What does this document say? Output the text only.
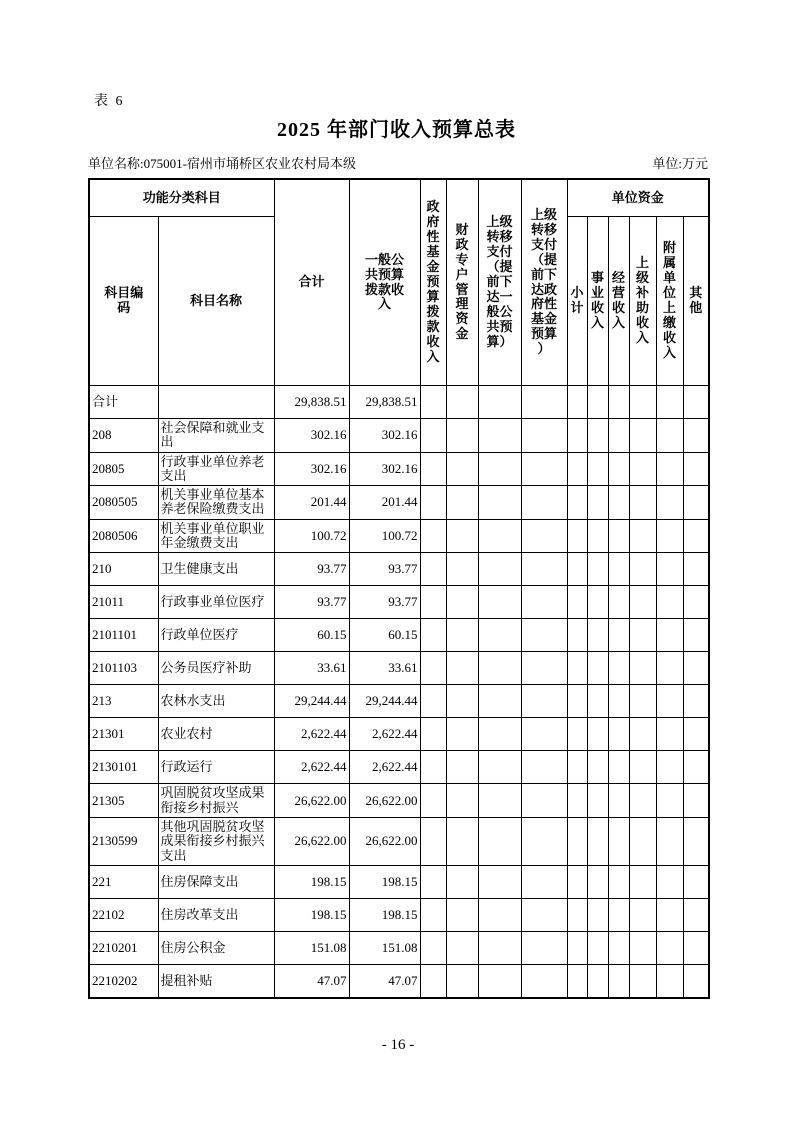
表 6
2025 年部门收入预算总表
单位名称:075001-宿州市埇桥区农业农村局本级	单位:万元
功能分类科目		合计	一般公共预算拨款收入	政府性基金预算拨款收入	财政专户管理资金	上级转移支付（提前下达一般公共预算）	上级转移支付（提前下达政府性基金预算）	单位资金					
科目编码	科目名称							小计	事业收入	经营收入	上级补助收入	附属单位上缴收入	其他
合计		29,838.51	29,838.51										
208	社会保障和就业支出	302.16	302.16										
20805	行政事业单位养老支出	302.16	302.16										
2080505	机关事业单位基本养老保险缴费支出	201.44	201.44										
2080506	机关事业单位职业年金缴费支出	100.72	100.72										
210	卫生健康支出	93.77	93.77										
21011	行政事业单位医疗	93.77	93.77										
2101101	行政单位医疗	60.15	60.15										
2101103	公务员医疗补助	33.61	33.61										
213	农林水支出	29,244.44	29,244.44										
21301	农业农村	2,622.44	2,622.44										
2130101	行政运行	2,622.44	2,622.44										
21305	巩固脱贫攻坚成果衔接乡村振兴	26,622.00	26,622.00										
2130599	其他巩固脱贫攻坚成果衔接乡村振兴支出	26,622.00	26,622.00										
221	住房保障支出	198.15	198.15										
22102	住房改革支出	198.15	198.15										
2210201	住房公积金	151.08	151.08										
2210202	提租补贴	47.07	47.07										
- 16 -
